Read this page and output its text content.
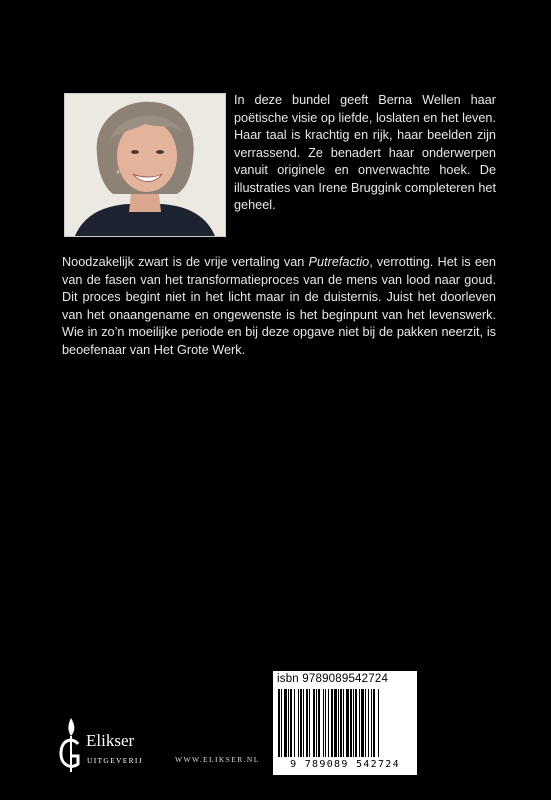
In deze bundel geeft Berna Wellen haar poëtische visie op liefde, loslaten en het leven. Haar taal is krachtig en rijk, haar beelden zijn verrassend. Ze benadert haar onderwerpen vanuit originele en onverwachte hoek. De illustraties van Irene Bruggink completeren het geheel.

Noodzakelijk zwart is de vrije vertaling van Putrefactio, verrotting. Het is een van de fasen van het transformatieproces van de mens van lood naar goud. Dit proces begint niet in het licht maar in de duisternis. Juist het doorleven van het onaangename en ongewenste is het beginpunt van het levenswerk. Wie in zo’n moeilijke periode en bij deze opgave niet bij de pakken neerzit, is beoefenaar van Het Grote Werk.

isbn 9789089542724
9 789089 542724
Elikser
UITGEVERIJ	WWW.ELIKSER.NL
